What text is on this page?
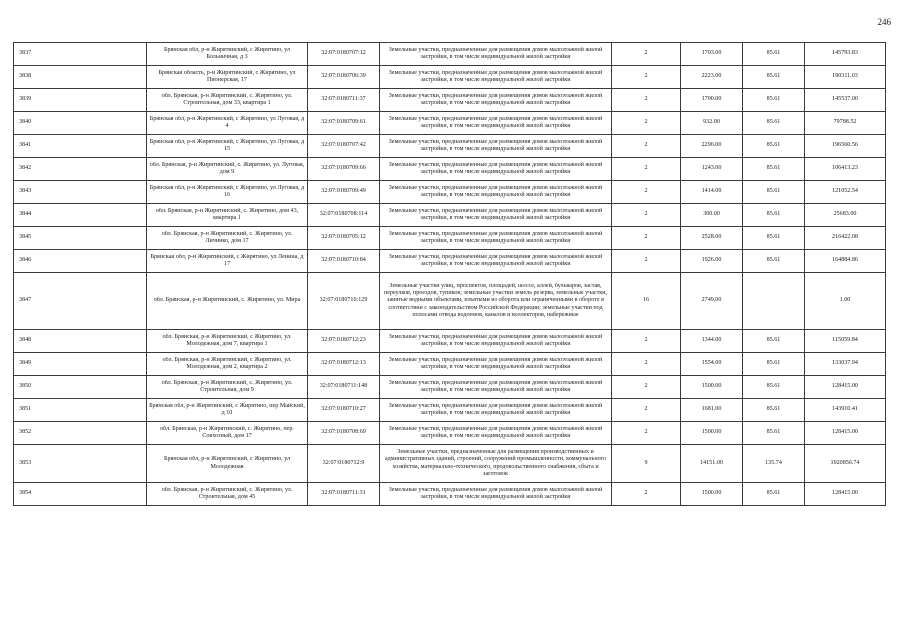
246
3837	Брянская обл, р-н Жирятинский, с Жирятино, ул Больничная, д 3	32:07:0180707:12	Земельные участки, предназначенные для размещения домов малоэтажной жилой застройки, в том числе индивидуальной жилой застройки	2	1703.00	85.61	145793.83

3838	Брянская область, р-н Жирятинский, с Жирятино, ул Пионерская, 17	32:07:0180706:39	Земельные участки, предназначенные для размещения домов малоэтажной жилой застройки, в том числе индивидуальной жилой застройки	2	2223.00	85.61	190311.03

3839	обл. Брянская, р-н Жирятинский, с. Жирятино, ул. Строительная, дом 33, квартира 1	32:07:0180711:37	Земельные участки, предназначенные для размещения домов малоэтажной жилой застройки, в том числе индивидуальной жилой застройки	2	1700.00	85.61	145537.00

3840	Брянская обл, р-н Жирятинский, с Жирятино, ул Луговая, д 4	32:07:0180709:61	Земельные участки, предназначенные для размещения домов малоэтажной жилой застройки, в том числе индивидуальной жилой застройки	2	932.00	85.61	79788.52

3841	Брянская обл, р-н Жирятинский, с Жирятино, ул Луговая, д 15	32:07:0180707:42	Земельные участки, предназначенные для размещения домов малоэтажной жилой застройки, в том числе индивидуальной жилой застройки	2	2296.00	85.61	196560.56

3842	обл. Брянская, р-н Жирятинский, с. Жирятино, ул. Луговая, дом 9	32:07:0180709:66	Земельные участки, предназначенные для размещения домов малоэтажной жилой застройки, в том числе индивидуальной жилой застройки	2	1243.00	85.61	106413.23

3843	Брянская обл, р-н Жирятинский, с Жирятино, ул Луговая, д 16	32:07:0180709:49	Земельные участки, предназначенные для размещения домов малоэтажной жилой застройки, в том числе индивидуальной жилой застройки	2	1414.00	85.61	121052.54

3844	обл. Брянская, р-н Жирятинский, с. Жирятино, дом 43, квартира 1	32:07:0180708:114	Земельные участки, предназначенные для размещения домов малоэтажной жилой застройки, в том числе индивидуальной жилой застройки	2	300.00	85.61	25683.00

3845	обл. Брянская, р-н Жирятинский, с. Жирятино, ул. Личинко, дом 17	32:07:0180705:12	Земельные участки, предназначенные для размещения домов малоэтажной жилой застройки, в том числе индивидуальной жилой застройки	2	2528.00	85.61	216422.08

3846	Брянская обл, р-н Жирятинский, с Жирятино, ул Ленина, д 17	32:07:0180710:84	Земельные участки, предназначенные для размещения домов малоэтажной жилой застройки, в том числе индивидуальной жилой застройки	2	1926.00	85.61	164884.86

3847	обл. Брянская, р-н Жирятинский, с. Жирятино, ул. Мира	32:07:0180710:129	Земельные участки улиц, проспектов, площадей, шоссе, аллей, бульваров, застав, переулков, проездов, тупиков; земельные участки земель резерва, земельные участки, занятые водными объектами, изъятыми из оборота или ограниченными в обороте в соответствии с законодательством Российской Федерации; земельные участки под полосами отвода водоемов, каналов и коллекторов, набережные	16	2749.00		1.00

3848	обл. Брянская, р-н Жирятинский, с Жирятино, ул. Молодежная, дом 7, квартира 1	32:07:0180712:23	Земельные участки, предназначенные для размещения домов малоэтажной жилой застройки, в том числе индивидуальной жилой застройки	2	1344.00	85.61	115059.84

3849	обл. Брянская, р-н Жирятинский, с Жирятино, ул. Молодежная, дом 2, квартира 2	32:07:0180712:13	Земельные участки, предназначенные для размещения домов малоэтажной жилой застройки, в том числе индивидуальной жилой застройки	2	1554.00	85.61	133037.94

3850	обл. Брянская, р-н Жирятинский, с. Жирятино, ул. Строительная, дом 9	32:07:0180711:148	Земельные участки, предназначенные для размещения домов малоэтажной жилой застройки, в том числе индивидуальной жилой застройки	2	1500.00	85.61	128415.00

3851	Брянская обл, р-н Жирятинский, с Жирятино, пер Майский, д 10	32:07:0180710:27	Земельные участки, предназначенные для размещения домов малоэтажной жилой застройки, в том числе индивидуальной жилой застройки	2	1681.00	85.61	143910.41

3852	обл. Брянская, р-н Жирятинский, с. Жирятино, пер. Совхозный, дом 17	32:07:0180708:69	Земельные участки, предназначенные для размещения домов малоэтажной жилой застройки, в том числе индивидуальной жилой застройки	2	1500.00	85.61	128415.00

3853	Брянская обл, р-н Жирятинский, с Жирятино, ул Молодежная	32:07:0180712:9	Земельные участки, предназначенные для размещения производственных и административных зданий, строений, сооружений промышленности, коммунального хозяйства, материально-технического, продовольственного снабжения, сбыта и заготовок	9	14151.00	135.74	1920856.74

3854	обл. Брянская, р-н Жирятинский, с. Жирятино, ул. Строительная, дом 45	32:07:0180711:31	Земельные участки, предназначенные для размещения домов малоэтажной жилой застройки, в том числе индивидуальной жилой застройки	2	1500.00	85.61	128415.00
